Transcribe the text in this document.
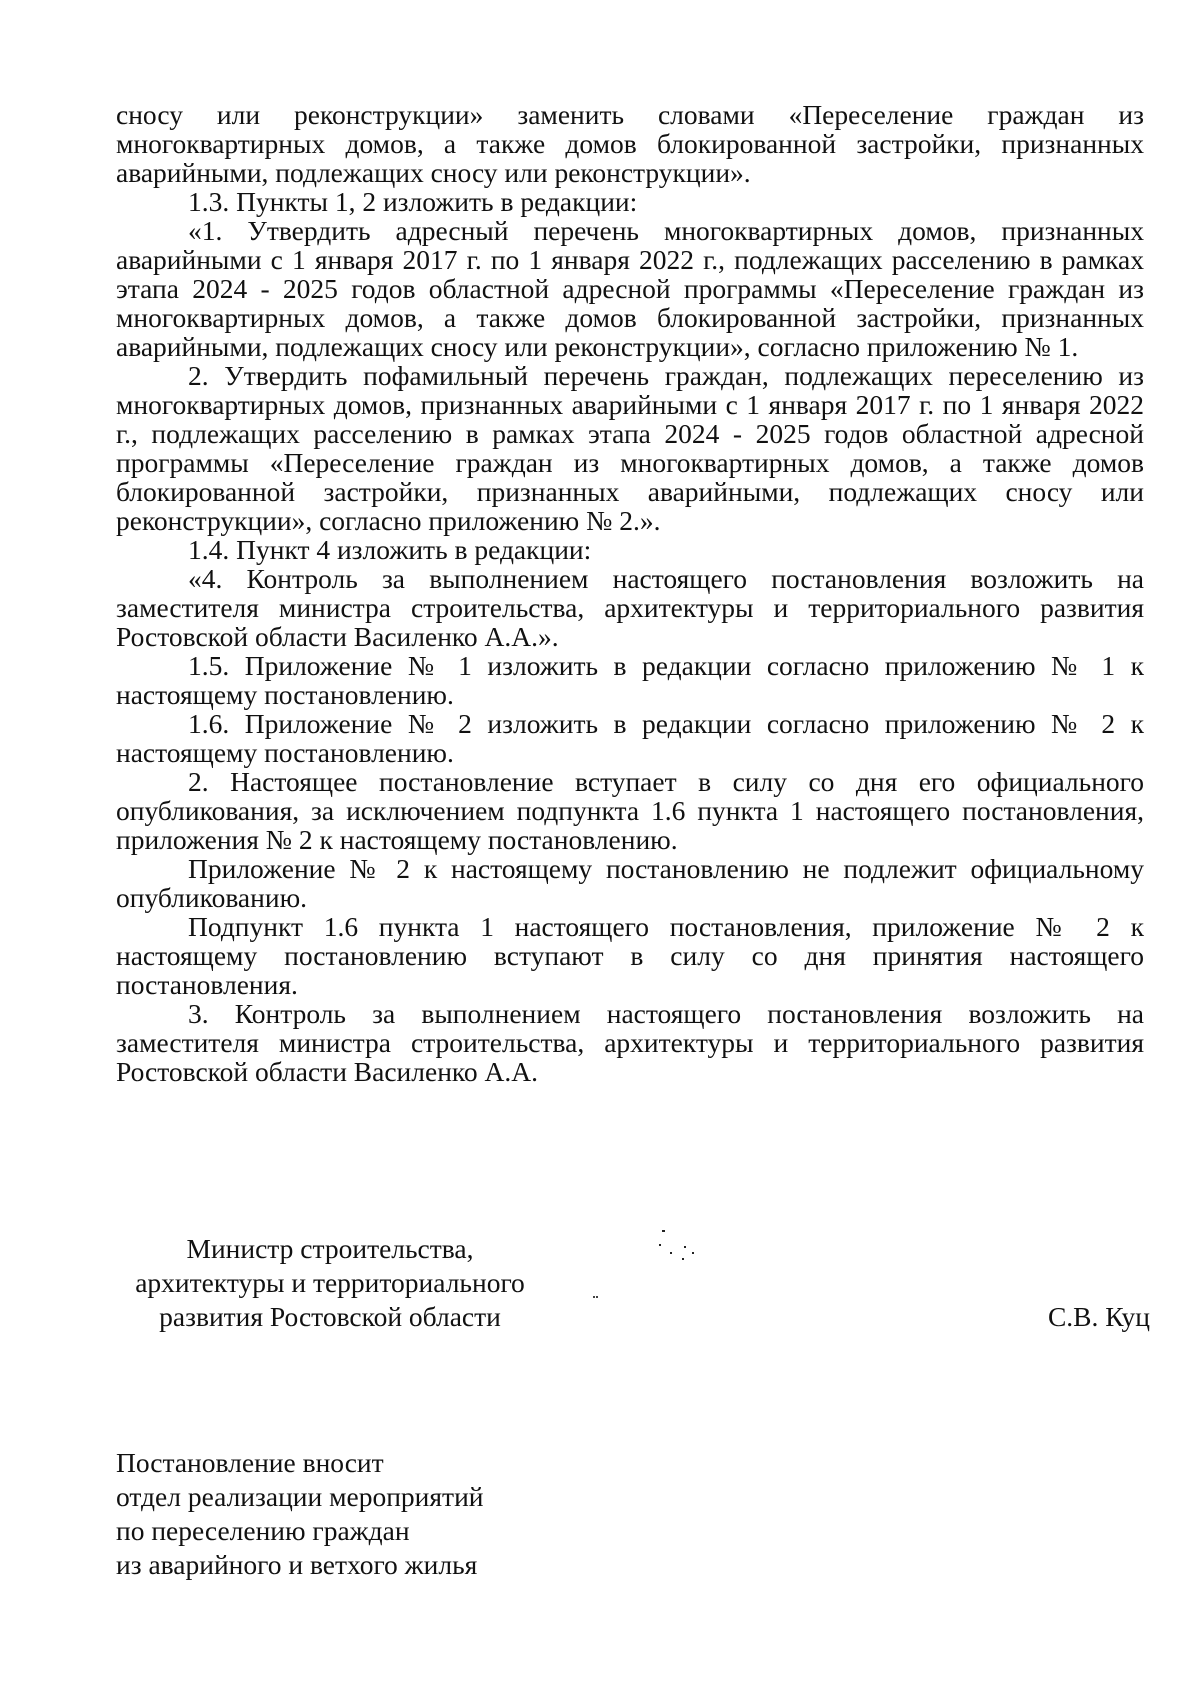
сносу или реконструкции» заменить словами «Переселение граждан из многоквартирных домов, а также домов блокированной застройки, признанных аварийными, подлежащих сносу или реконструкции».

1.3. Пункты 1, 2 изложить в редакции:

«1. Утвердить адресный перечень многоквартирных домов, признанных аварийными с 1 января 2017 г. по 1 января 2022 г., подлежащих расселению в рамках этапа 2024 - 2025 годов областной адресной программы «Переселение граждан из многоквартирных домов, а также домов блокированной застройки, признанных аварийными, подлежащих сносу или реконструкции», согласно приложению № 1.

2. Утвердить пофамильный перечень граждан, подлежащих переселению из многоквартирных домов, признанных аварийными с 1 января 2017 г. по 1 января 2022 г., подлежащих расселению в рамках этапа 2024 - 2025 годов областной адресной программы «Переселение граждан из многоквартирных домов, а также домов блокированной застройки, признанных аварийными, подлежащих сносу или реконструкции», согласно приложению № 2.».

1.4. Пункт 4 изложить в редакции:

«4. Контроль за выполнением настоящего постановления возложить на заместителя министра строительства, архитектуры и территориального развития Ростовской области Василенко А.А.».

1.5. Приложение № 1 изложить в редакции согласно приложению № 1 к настоящему постановлению.

1.6. Приложение № 2 изложить в редакции согласно приложению № 2 к настоящему постановлению.

2. Настоящее постановление вступает в силу со дня его официального опубликования, за исключением подпункта 1.6 пункта 1 настоящего постановления, приложения № 2 к настоящему постановлению.

Приложение № 2 к настоящему постановлению не подлежит официальному опубликованию.

Подпункт 1.6 пункта 1 настоящего постановления, приложение № 2 к настоящему постановлению вступают в силу со дня принятия настоящего постановления.

3. Контроль за выполнением настоящего постановления возложить на заместителя министра строительства, архитектуры и территориального развития Ростовской области Василенко А.А.

Министр строительства,
архитектуры и территориального
развития Ростовской области	С.В. Куц
Постановление вносит
отдел реализации мероприятий
по переселению граждан
из аварийного и ветхого жилья
